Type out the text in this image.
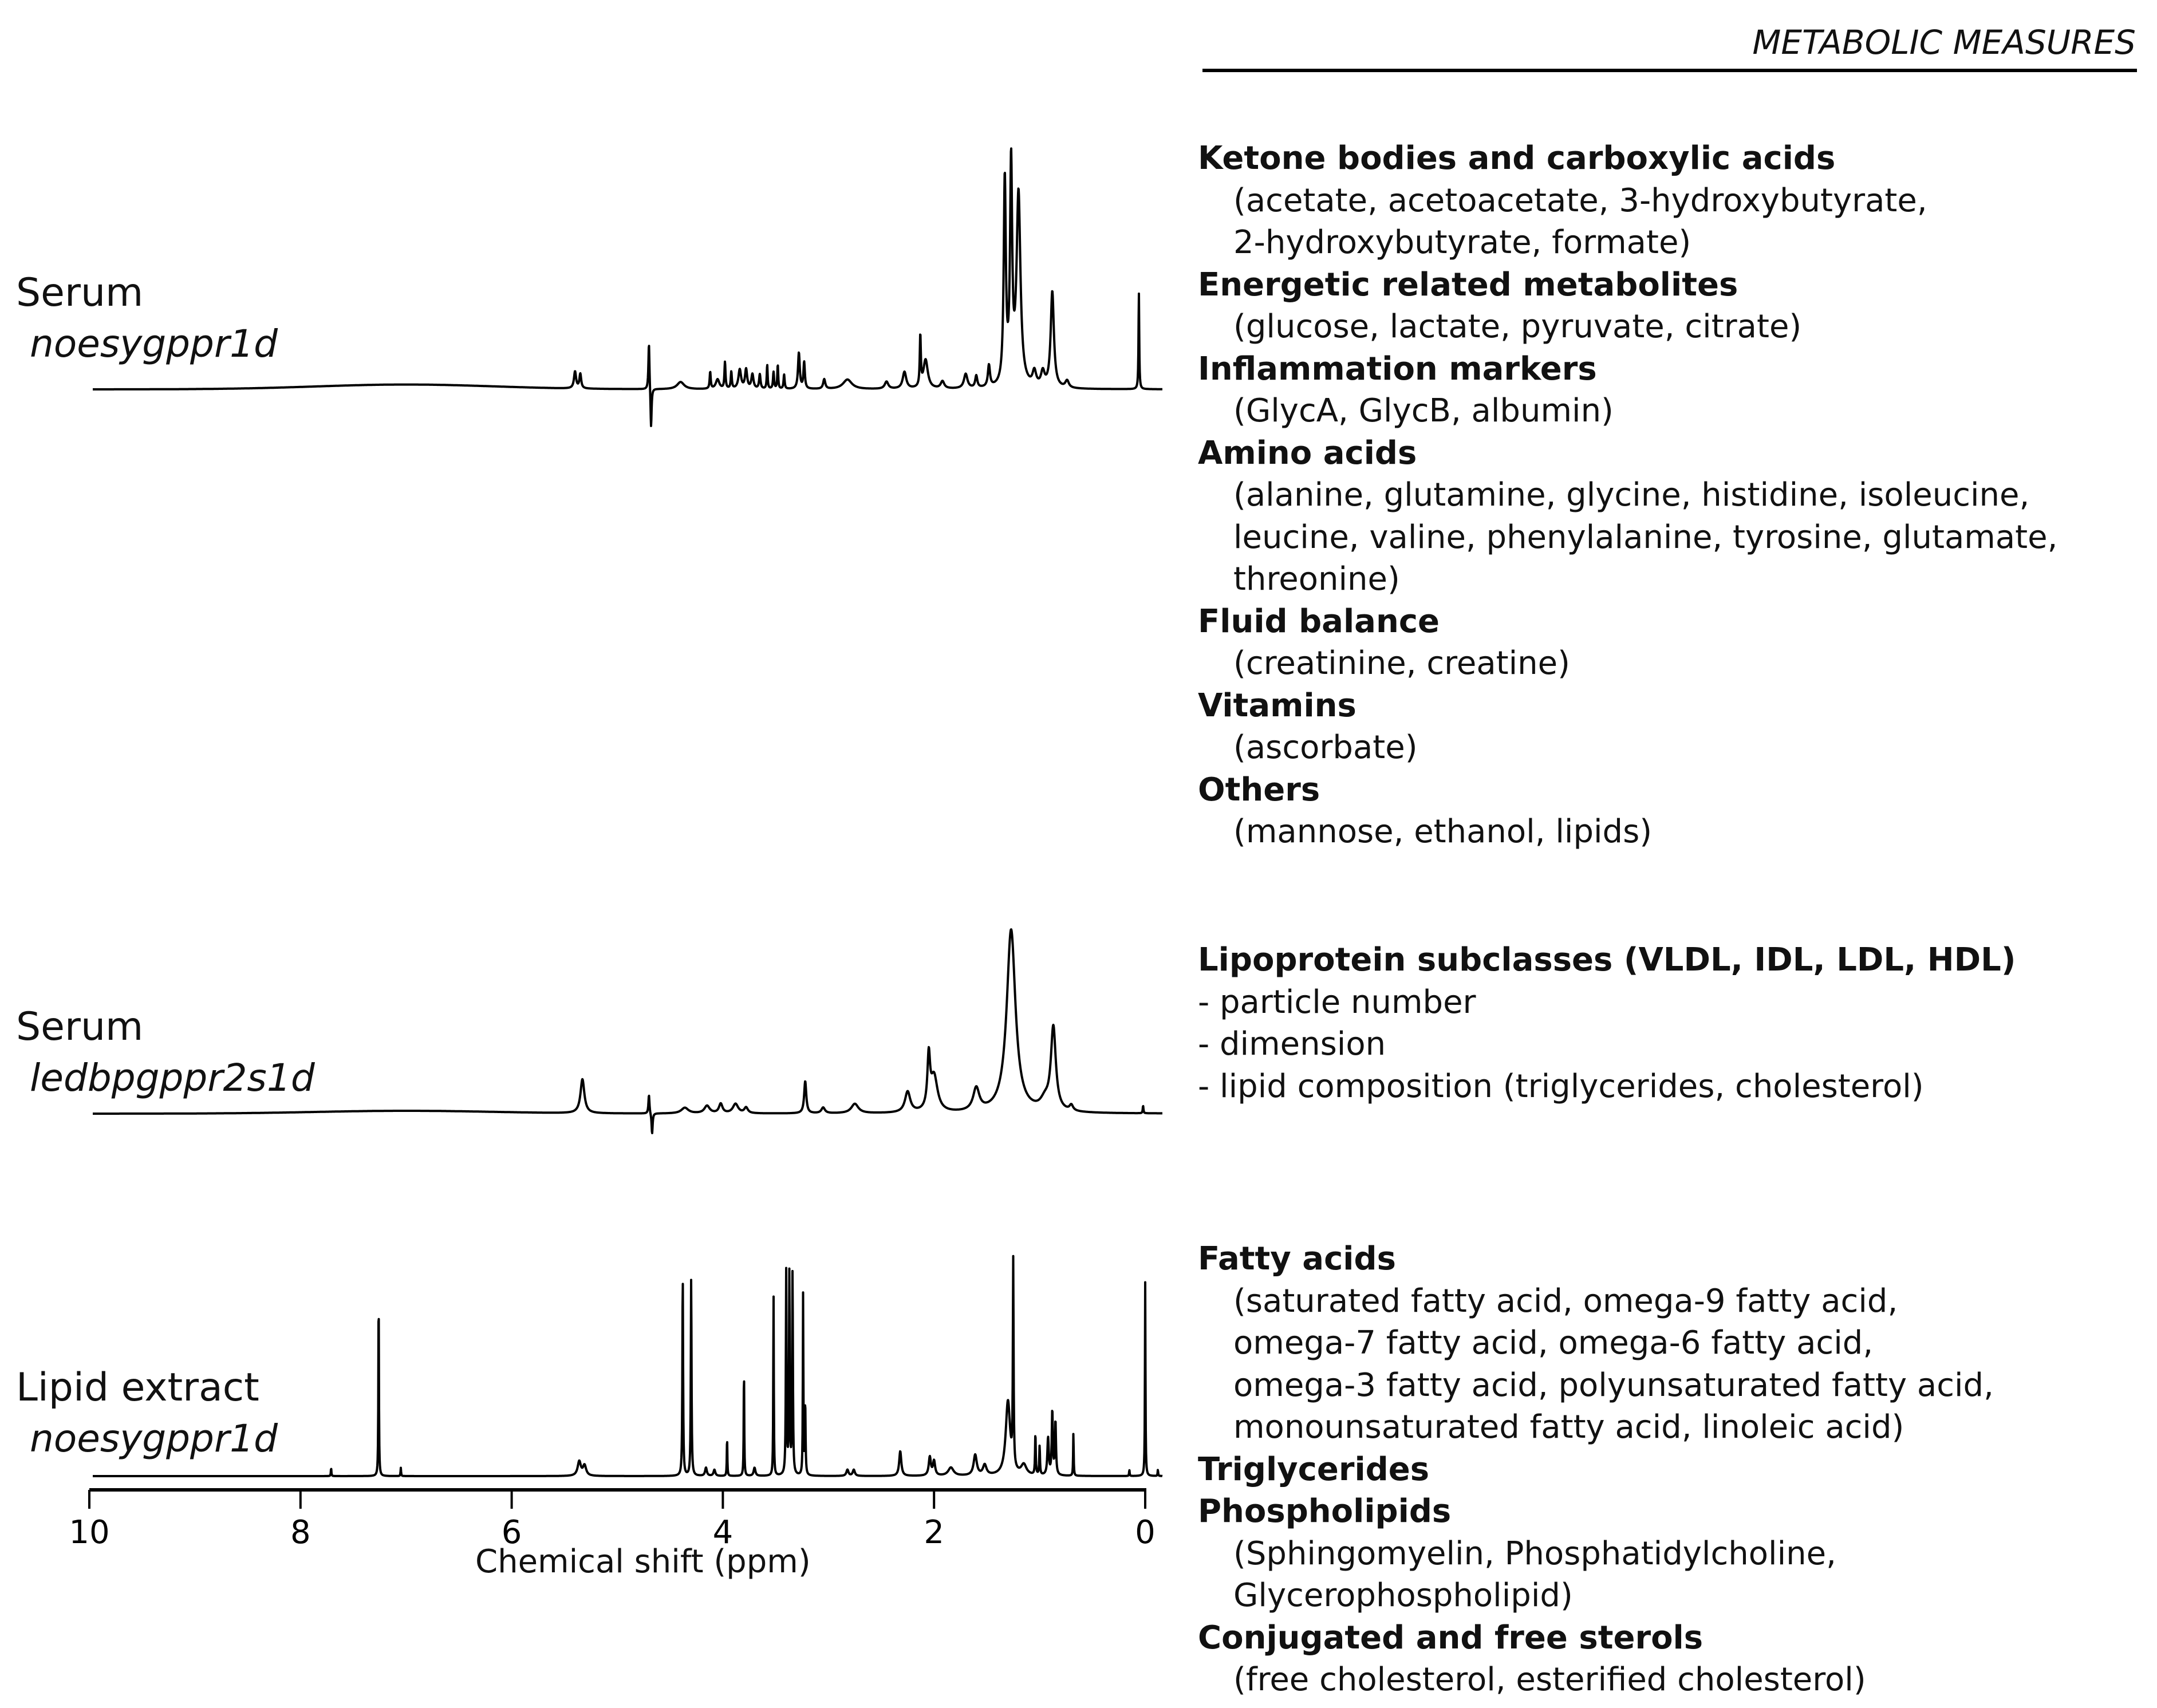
10	8	6	4	2	0
Serum
noesygppr1d
Serum
ledbpgppr2s1d
Lipid extract
noesygppr1d
Chemical shift (ppm)
METABOLIC MEASURES
Ketone bodies and carboxylic acids
(acetate, acetoacetate, 3-hydroxybutyrate,
2-hydroxybutyrate, formate)
Energetic related metabolites
(glucose, lactate, pyruvate, citrate)
Inflammation markers
(GlycA, GlycB, albumin)
Amino acids
(alanine, glutamine, glycine, histidine, isoleucine,
leucine, valine, phenylalanine, tyrosine, glutamate,
threonine)
Fluid balance
(creatinine, creatine)
Vitamins
(ascorbate)
Others
(mannose, ethanol, lipids)
Lipoprotein subclasses (VLDL, IDL, LDL, HDL)
- particle number
- dimension
- lipid composition (triglycerides, cholesterol)
Fatty acids
(saturated fatty acid, omega-9 fatty acid,
omega-7 fatty acid, omega-6 fatty acid,
omega-3 fatty acid, polyunsaturated fatty acid,
monounsaturated fatty acid, linoleic acid)
Triglycerides
Phospholipids
(Sphingomyelin, Phosphatidylcholine,
Glycerophospholipid)
Conjugated and free sterols
(free cholesterol, esterified cholesterol)
